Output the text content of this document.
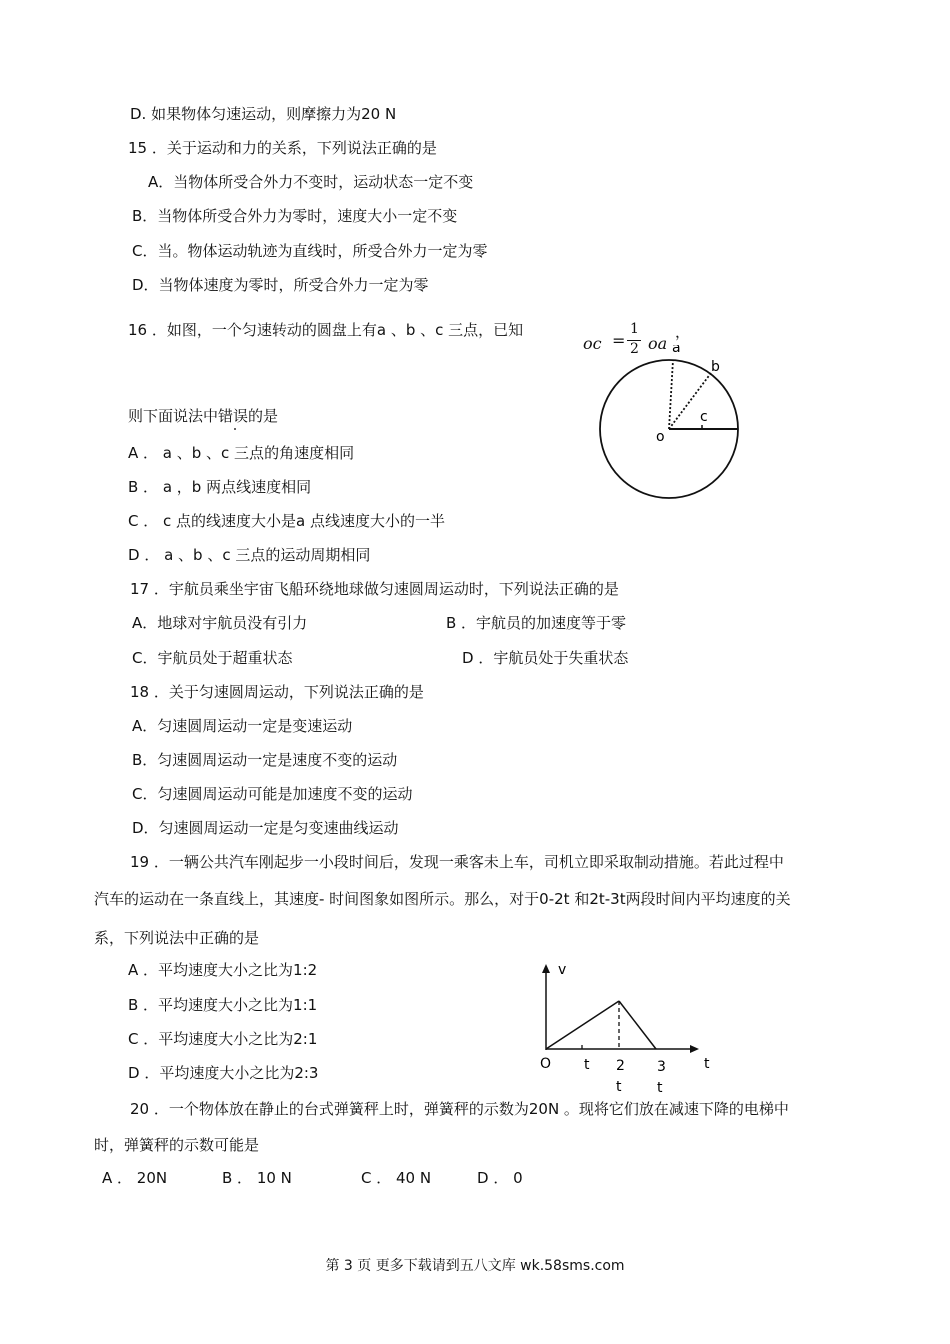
D. 如果物体匀速运动，则摩擦力为20 N
15 ．关于运动和力的关系，下列说法正确的是
A．当物体所受合外力不变时，运动状态一定不变
B．当物体所受合外力为零时，速度大小一定不变
C．当。物体运动轨迹为直线时，所受合外力一定为零
D．当物体速度为零时，所受合外力一定为零
16 ．如图，一个匀速转动的圆盘上有a 、b 、c 三点，已知
oc =
1
2 oa
，
则下面说法中错误的是
A ． a 、b 、c 三点的角速度相同
B ． a ，b 两点线速度相同
C ． c 点的线速度大小是a 点线速度大小的一半
D ． a 、b 、c 三点的运动周期相同
a
b
c
o
17 ．宇航员乘坐宇宙飞船环绕地球做匀速圆周运动时，下列说法正确的是
A．地球对宇航员没有引力	B ．宇航员的加速度等于零
C．宇航员处于超重状态	D ．宇航员处于失重状态
18 ．关于匀速圆周运动，下列说法正确的是
A．匀速圆周运动一定是变速运动
B．匀速圆周运动一定是速度不变的运动
C．匀速圆周运动可能是加速度不变的运动
D．匀速圆周运动一定是匀变速曲线运动
19 ．一辆公共汽车刚起步一小段时间后，发现一乘客未上车，司机立即采取制动措施。若此过程中
汽车的运动在一条直线上，其速度- 时间图象如图所示。那么，对于0-2t 和2t-3t两段时间内平均速度的关
系，下列说法中正确的是
A ．平均速度大小之比为1:2
B ．平均速度大小之比为1:1
C ．平均速度大小之比为2:1
D ．平均速度大小之比为2:3
v
t
O t 2
t
3
t
20 ．一个物体放在静止的台式弹簧秤上时，弹簧秤的示数为20N 。现将它们放在减速下降的电梯中
时，弹簧秤的示数可能是
A ． 20N	B ． 10 N	C ． 40 N	D ． 0
第 3 页 更多下载请到五八文库 wk.58sms.com
